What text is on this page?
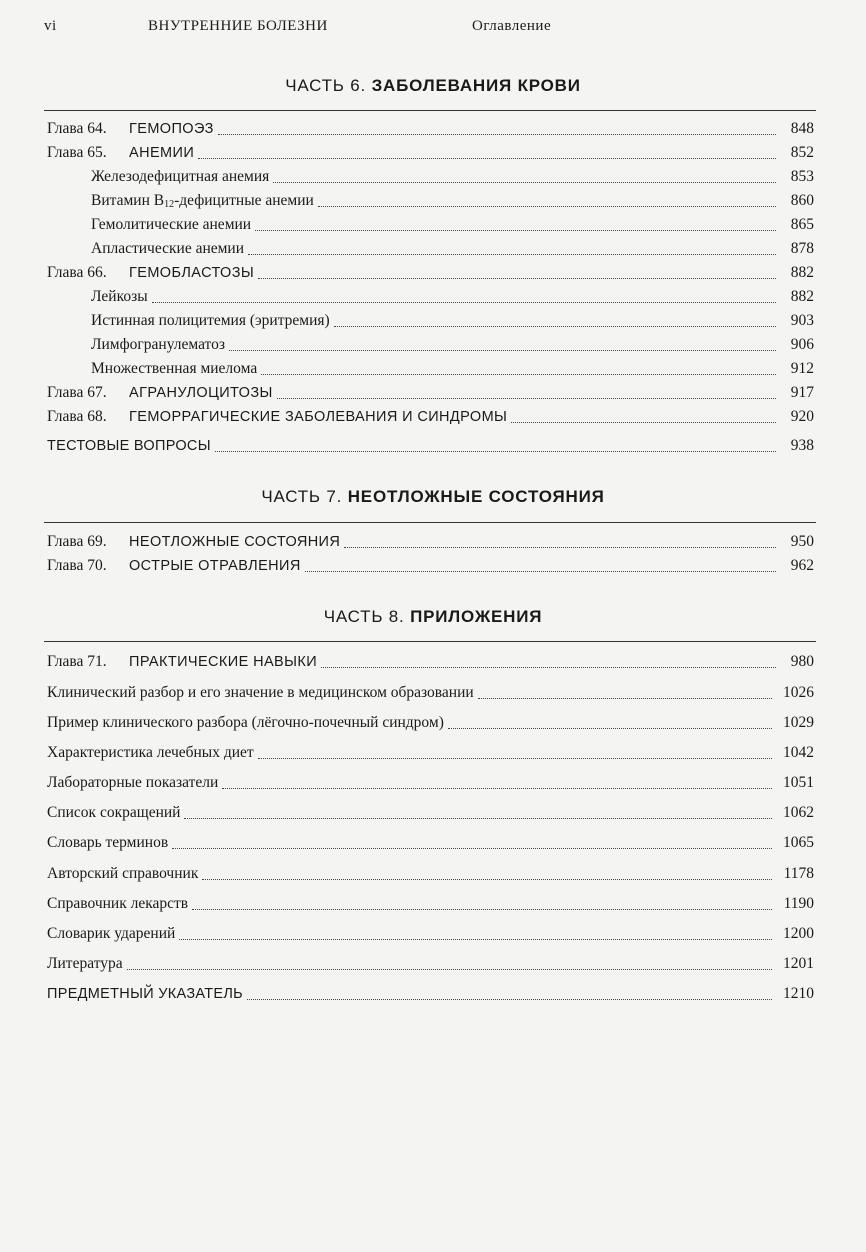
vi	ВНУТРЕННИЕ БОЛЕЗНИ	Оглавление
ЧАСТЬ 6. ЗАБОЛЕВАНИЯ КРОВИ
Глава 64. ГЕМОПОЭЗ	848
Глава 65. АНЕМИИ	852
Железодефицитная анемия	853
Витамин $B_{12}$-дефицитные анемии	860
Гемолитические анемии	865
Апластические анемии	878
Глава 66. ГЕМОБЛАСТОЗЫ	882
Лейкозы	882
Истинная полицитемия (эритремия)	903
Лимфогранулематоз	906
Множественная миелома	912
Глава 67. АГРАНУЛОЦИТОЗЫ	917
Глава 68. ГЕМОРРАГИЧЕСКИЕ ЗАБОЛЕВАНИЯ И СИНДРОМЫ	920
ТЕСТОВЫЕ ВОПРОСЫ	938
ЧАСТЬ 7. НЕОТЛОЖНЫЕ СОСТОЯНИЯ
Глава 69. НЕОТЛОЖНЫЕ СОСТОЯНИЯ	950
Глава 70. ОСТРЫЕ ОТРАВЛЕНИЯ	962
ЧАСТЬ 8. ПРИЛОЖЕНИЯ
Глава 71. ПРАКТИЧЕСКИЕ НАВЫКИ	980
Клинический разбор и его значение в медицинском образовании	1026
Пример клинического разбора (лёгочно-почечный синдром)	1029
Характеристика лечебных диет	1042
Лабораторные показатели	1051
Список сокращений	1062
Словарь терминов	1065
Авторский справочник	1178
Справочник лекарств	1190
Словарик ударений	1200
Литература	1201
ПРЕДМЕТНЫЙ УКАЗАТЕЛЬ	1210
